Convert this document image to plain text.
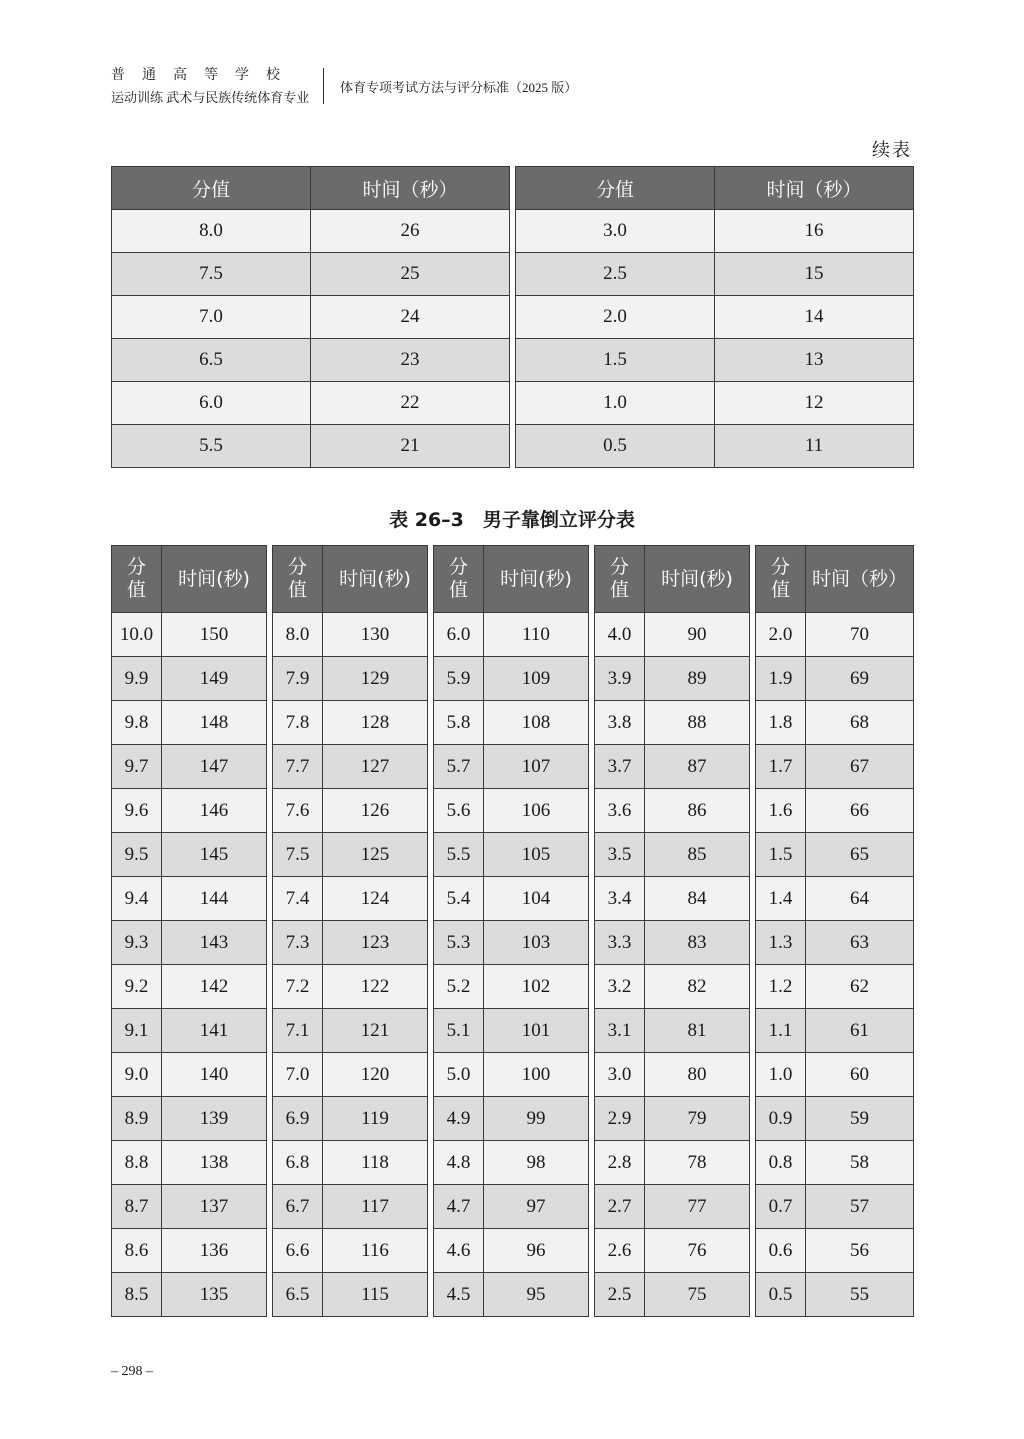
普通高等学校
运动训练 武术与民族传统体育专业
体育专项考试方法与评分标准（2025 版）
续表
分值	时间（秒）
8.0	26
7.5	25
7.0	24
6.5	23
6.0	22
5.5	21
分值	时间（秒）
3.0	16
2.5	15
2.0	14
1.5	13
1.0	12
0.5	11
表 26–3　男子靠倒立评分表
分值	时间(秒)
10.0	150
9.9	149
9.8	148
9.7	147
9.6	146
9.5	145
9.4	144
9.3	143
9.2	142
9.1	141
9.0	140
8.9	139
8.8	138
8.7	137
8.6	136
8.5	135
分值	时间(秒)
8.0	130
7.9	129
7.8	128
7.7	127
7.6	126
7.5	125
7.4	124
7.3	123
7.2	122
7.1	121
7.0	120
6.9	119
6.8	118
6.7	117
6.6	116
6.5	115
分值	时间(秒)
6.0	110
5.9	109
5.8	108
5.7	107
5.6	106
5.5	105
5.4	104
5.3	103
5.2	102
5.1	101
5.0	100
4.9	99
4.8	98
4.7	97
4.6	96
4.5	95
分值	时间(秒)
4.0	90
3.9	89
3.8	88
3.7	87
3.6	86
3.5	85
3.4	84
3.3	83
3.2	82
3.1	81
3.0	80
2.9	79
2.8	78
2.7	77
2.6	76
2.5	75
分值	时间（秒）
2.0	70
1.9	69
1.8	68
1.7	67
1.6	66
1.5	65
1.4	64
1.3	63
1.2	62
1.1	61
1.0	60
0.9	59
0.8	58
0.7	57
0.6	56
0.5	55
– 298 –
